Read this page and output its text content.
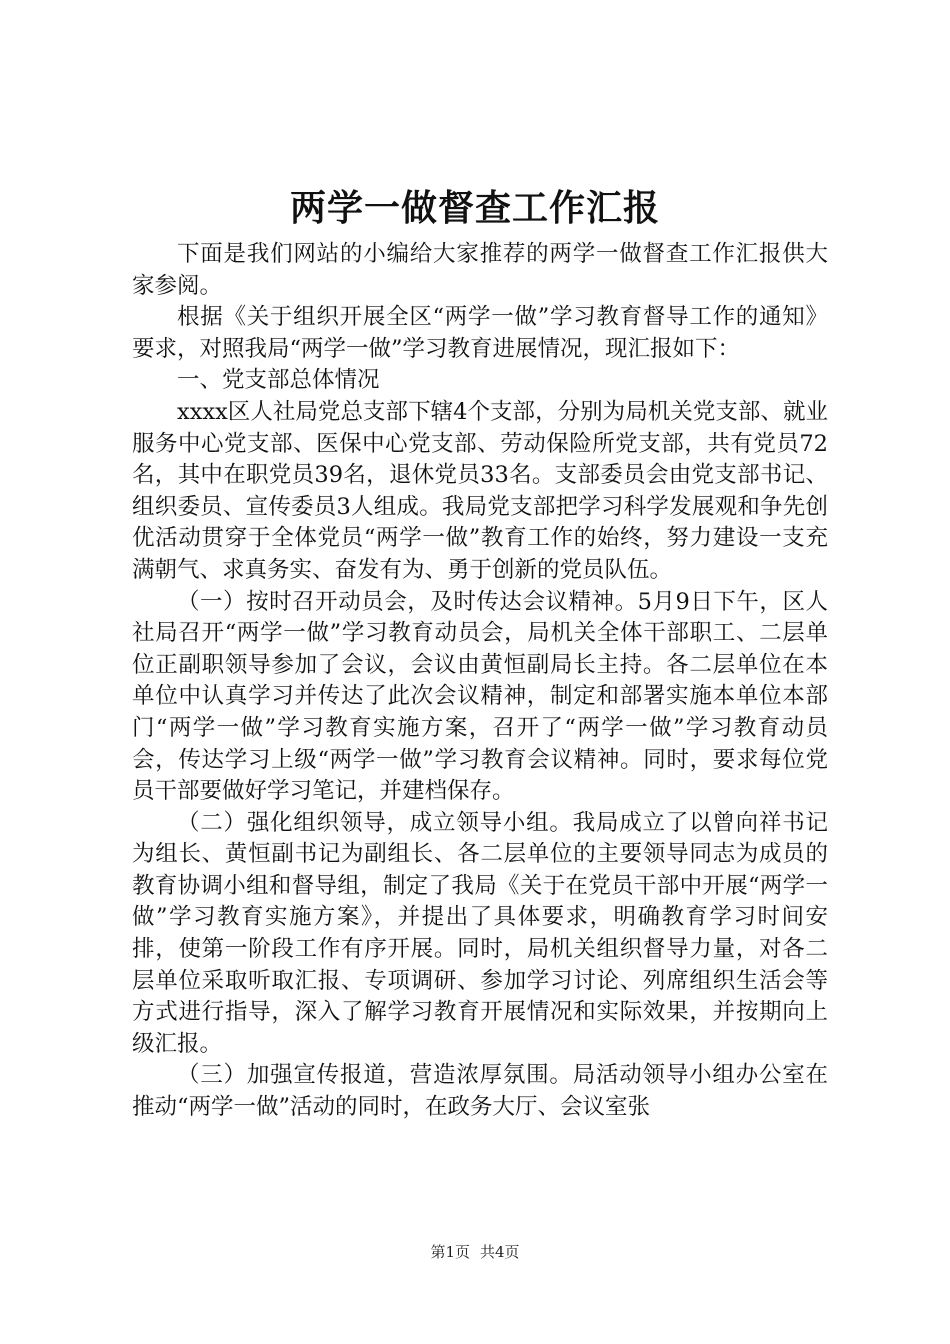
两学一做督查工作汇报

下面是我们网站的小编给大家推荐的两学一做督查工作汇报供大家参阅。

根据《关于组织开展全区“两学一做”学习教育督导工作的通知》要求，对照我局“两学一做”学习教育进展情况，现汇报如下：

一、党支部总体情况

xxxx区人社局党总支部下辖4个支部，分别为局机关党支部、就业服务中心党支部、医保中心党支部、劳动保险所党支部，共有党员72名，其中在职党员39名，退休党员33名。支部委员会由党支部书记、组织委员、宣传委员3人组成。我局党支部把学习科学发展观和争先创优活动贯穿于全体党员“两学一做”教育工作的始终，努力建设一支充满朝气、求真务实、奋发有为、勇于创新的党员队伍。

（一）按时召开动员会，及时传达会议精神。5月9日下午，区人社局召开“两学一做”学习教育动员会，局机关全体干部职工、二层单位正副职领导参加了会议，会议由黄恒副局长主持。各二层单位在本单位中认真学习并传达了此次会议精神，制定和部署实施本单位本部门“两学一做”学习教育实施方案，召开了“两学一做”学习教育动员会，传达学习上级“两学一做”学习教育会议精神。同时，要求每位党员干部要做好学习笔记，并建档保存。

（二）强化组织领导，成立领导小组。我局成立了以曾向祥书记为组长、黄恒副书记为副组长、各二层单位的主要领导同志为成员的教育协调小组和督导组，制定了我局《关于在党员干部中开展“两学一做”学习教育实施方案》，并提出了具体要求，明确教育学习时间安排，使第一阶段工作有序开展。同时，局机关组织督导力量，对各二层单位采取听取汇报、专项调研、参加学习讨论、列席组织生活会等方式进行指导，深入了解学习教育开展情况和实际效果，并按期向上级汇报。

（三）加强宣传报道，营造浓厚氛围。局活动领导小组办公室在推动“两学一做”活动的同时，在政务大厅、会议室张

第1页 共4页
